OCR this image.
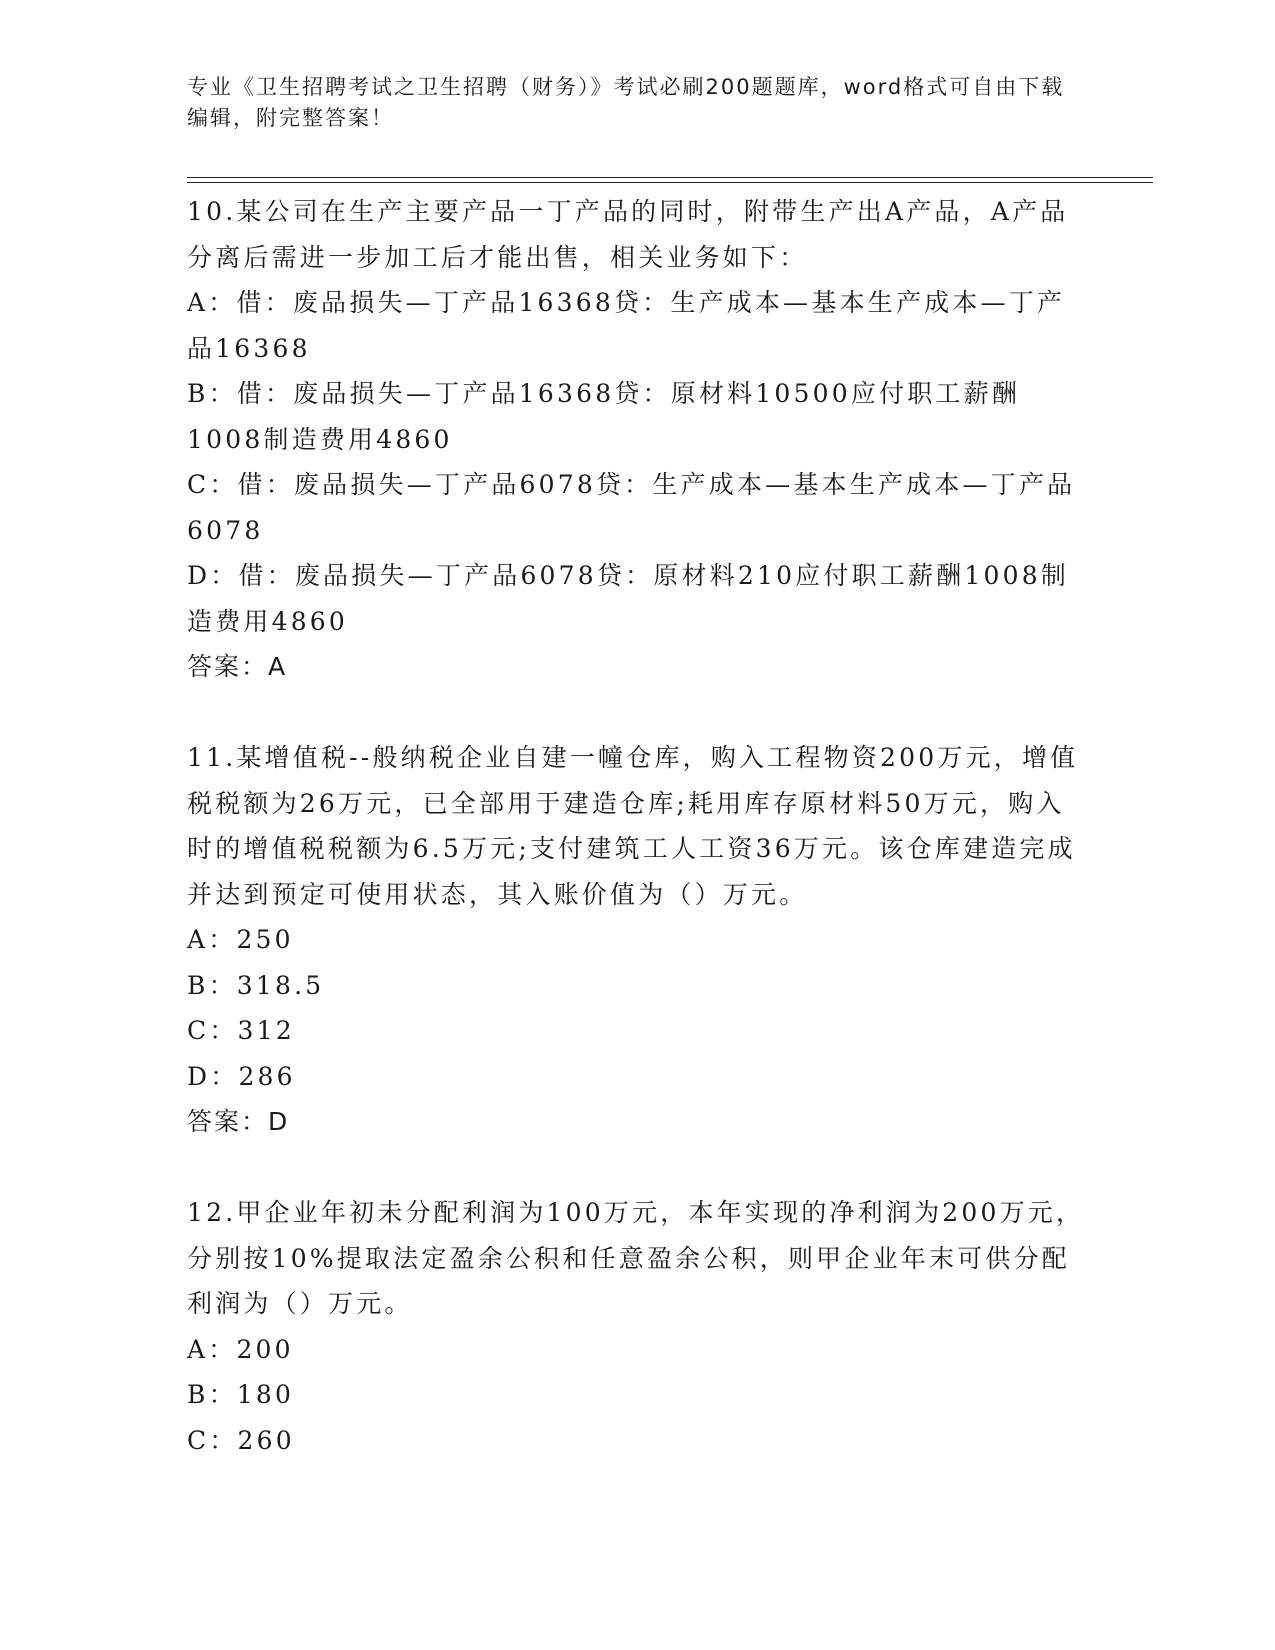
专业《卫生招聘考试之卫生招聘（财务）》考试必刷200题题库，word格式可自由下载编辑，附完整答案！
10.某公司在生产主要产品一丁产品的同时，附带生产出A产品，A产品分离后需进一步加工后才能出售，相关业务如下：
A：借：废品损失—丁产品16368贷：生产成本—基本生产成本—丁产品16368
B：借：废品损失—丁产品16368贷：原材料10500应付职工薪酬1008制造费用4860
C：借：废品损失—丁产品6078贷：生产成本—基本生产成本—丁产品6078
D：借：废品损失—丁产品6078贷：原材料210应付职工薪酬1008制造费用4860
答案：A
11.某增值税--般纳税企业自建一幢仓库，购入工程物资200万元，增值税税额为26万元，已全部用于建造仓库;耗用库存原材料50万元，购入时的增值税税额为6.5万元;支付建筑工人工资36万元。该仓库建造完成并达到预定可使用状态，其入账价值为（）万元。
A：250
B：318.5
C：312
D：286
答案：D
12.甲企业年初未分配利润为100万元，本年实现的净利润为200万元，分别按10%提取法定盈余公积和任意盈余公积，则甲企业年末可供分配利润为（）万元。
A：200
B：180
C：260
